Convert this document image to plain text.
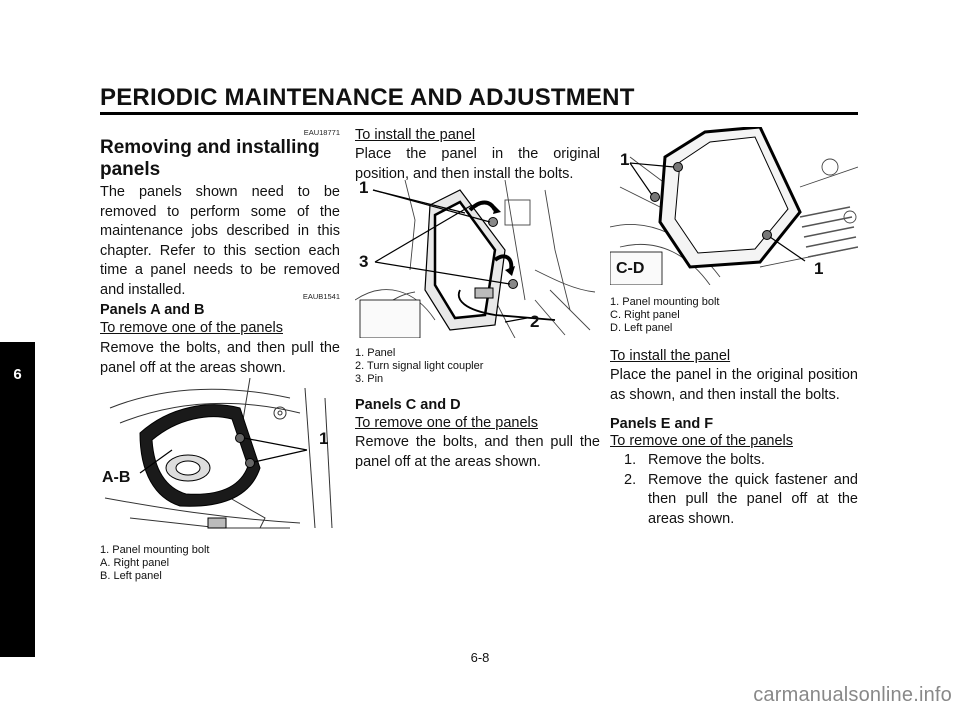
PERIODIC MAINTENANCE AND ADJUSTMENT
6
EAU18771
Removing and installing panels
The panels shown need to be removed to perform some of the maintenance jobs described in this chapter. Refer to this section each time a panel needs to be removed and installed.	EAUB1541
Panels A and B
To remove one of the panels
Remove the bolts, and then pull the panel off at the areas shown.
1
A-B
1. Panel mounting bolt
A. Right panel
B. Left panel
To install the panel
Place the panel in the original position, and then install the bolts.
1
3
2
1. Panel
2. Turn signal light coupler
3. Pin
Panels C and D
To remove one of the panels
Remove the bolts, and then pull the panel off at the areas shown.
1
1
C-D
1. Panel mounting bolt
C. Right panel
D. Left panel
To install the panel
Place the panel in the original position as shown, and then install the bolts.
Panels E and F
To remove one of the panels
1. Remove the bolts.
2. Remove the quick fastener and then pull the panel off at the areas shown.
6-8
carmanualsonline.info
